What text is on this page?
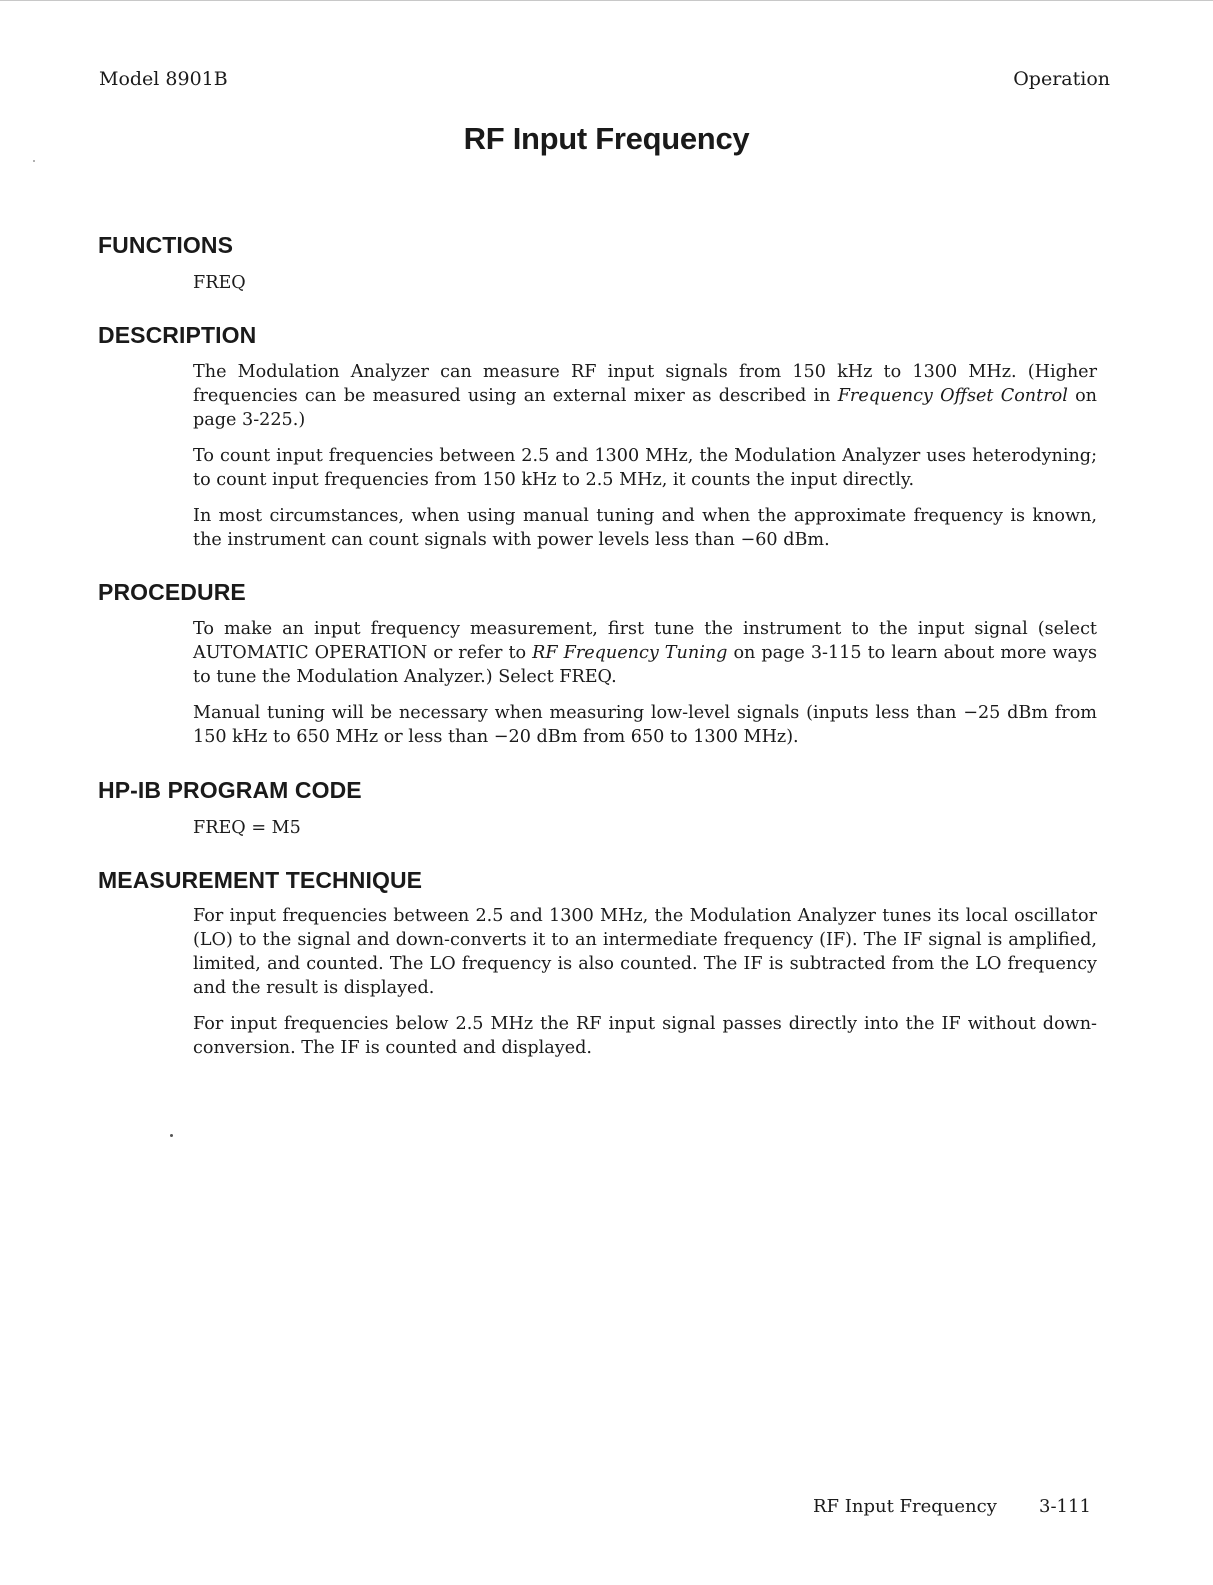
Model 8901B	Operation
RF Input Frequency
FUNCTIONS

FREQ

DESCRIPTION

The Modulation Analyzer can measure RF input signals from 150 kHz to 1300 MHz. (Higher frequencies can be measured using an external mixer as described in Frequency Offset Control on page 3-225.)

To count input frequencies between 2.5 and 1300 MHz, the Modulation Analyzer uses heterodyning; to count input frequencies from 150 kHz to 2.5 MHz, it counts the input directly.

In most circumstances, when using manual tuning and when the approximate frequency is known, the instrument can count signals with power levels less than −60 dBm.

PROCEDURE

To make an input frequency measurement, first tune the instrument to the input signal (select AUTOMATIC OPERATION or refer to RF Frequency Tuning on page 3-115 to learn about more ways to tune the Modulation Analyzer.) Select FREQ.

Manual tuning will be necessary when measuring low-level signals (inputs less than −25 dBm from 150 kHz to 650 MHz or less than −20 dBm from 650 to 1300 MHz).

HP-IB PROGRAM CODE

FREQ = M5

MEASUREMENT TECHNIQUE

For input frequencies between 2.5 and 1300 MHz, the Modulation Analyzer tunes its local oscillator (LO) to the signal and down-converts it to an intermediate frequency (IF). The IF signal is amplified, limited, and counted. The LO frequency is also counted. The IF is subtracted from the LO frequency and the result is displayed.

For input frequencies below 2.5 MHz the RF input signal passes directly into the IF without down-conversion. The IF is counted and displayed.

RF Input Frequency 3-111
